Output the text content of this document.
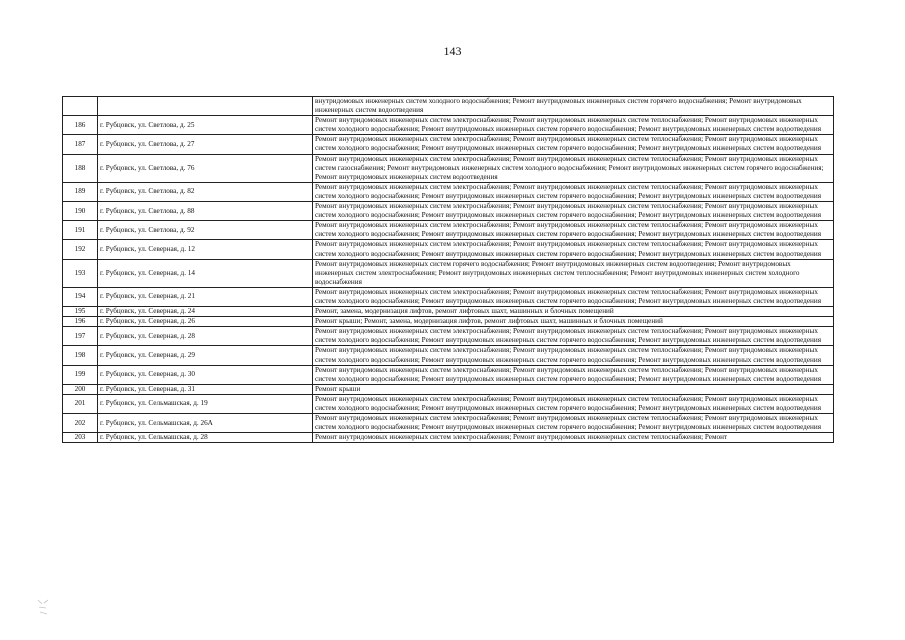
143
		внутридомовых инженерных систем холодного водоснабжения; Ремонт внутридомовых инженерных систем горячего водоснабжения; Ремонт внутридомовых инженерных систем водоотведения
186	г. Рубцовск, ул. Светлова, д. 25	Ремонт внутридомовых инженерных систем электроснабжения; Ремонт внутридомовых инженерных систем теплоснабжения; Ремонт внутридомовых инженерных систем холодного водоснабжения; Ремонт внутридомовых инженерных систем горячего водоснабжения; Ремонт внутридомовых инженерных систем водоотведения
187	г. Рубцовск, ул. Светлова, д. 27	Ремонт внутридомовых инженерных систем электроснабжения; Ремонт внутридомовых инженерных систем теплоснабжения; Ремонт внутридомовых инженерных систем холодного водоснабжения; Ремонт внутридомовых инженерных систем горячего водоснабжения; Ремонт внутридомовых инженерных систем водоотведения
188	г. Рубцовск, ул. Светлова, д. 76	Ремонт внутридомовых инженерных систем электроснабжения; Ремонт внутридомовых инженерных систем теплоснабжения; Ремонт внутридомовых инженерных систем газоснабжения; Ремонт внутридомовых инженерных систем холодного водоснабжения; Ремонт внутридомовых инженерных систем горячего водоснабжения; Ремонт внутридомовых инженерных систем водоотведения
189	г. Рубцовск, ул. Светлова, д. 82	Ремонт внутридомовых инженерных систем электроснабжения; Ремонт внутридомовых инженерных систем теплоснабжения; Ремонт внутридомовых инженерных систем холодного водоснабжения; Ремонт внутридомовых инженерных систем горячего водоснабжения; Ремонт внутридомовых инженерных систем водоотведения
190	г. Рубцовск, ул. Светлова, д. 88	Ремонт внутридомовых инженерных систем электроснабжения; Ремонт внутридомовых инженерных систем теплоснабжения; Ремонт внутридомовых инженерных систем холодного водоснабжения; Ремонт внутридомовых инженерных систем горячего водоснабжения; Ремонт внутридомовых инженерных систем водоотведения
191	г. Рубцовск, ул. Светлова, д. 92	Ремонт внутридомовых инженерных систем электроснабжения; Ремонт внутридомовых инженерных систем теплоснабжения; Ремонт внутридомовых инженерных систем холодного водоснабжения; Ремонт внутридомовых инженерных систем горячего водоснабжения; Ремонт внутридомовых инженерных систем водоотведения
192	г. Рубцовск, ул. Северная, д. 12	Ремонт внутридомовых инженерных систем электроснабжения; Ремонт внутридомовых инженерных систем теплоснабжения; Ремонт внутридомовых инженерных систем холодного водоснабжения; Ремонт внутридомовых инженерных систем горячего водоснабжения; Ремонт внутридомовых инженерных систем водоотведения
193	г. Рубцовск, ул. Северная, д. 14	Ремонт внутридомовых инженерных систем горячего водоснабжения; Ремонт внутридомовых инженерных систем водоотведения; Ремонт внутридомовых инженерных систем электроснабжения; Ремонт внутридомовых инженерных систем теплоснабжения; Ремонт внутридомовых инженерных систем холодного водоснабжения
194	г. Рубцовск, ул. Северная, д. 21	Ремонт внутридомовых инженерных систем электроснабжения; Ремонт внутридомовых инженерных систем теплоснабжения; Ремонт внутридомовых инженерных систем холодного водоснабжения; Ремонт внутридомовых инженерных систем горячего водоснабжения; Ремонт внутридомовых инженерных систем водоотведения
195	г. Рубцовск, ул. Северная, д. 24	Ремонт, замена, модернизация лифтов, ремонт лифтовых шахт, машинных и блочных помещений
196	г. Рубцовск, ул. Северная, д. 26	Ремонт крыши; Ремонт, замена, модернизация лифтов, ремонт лифтовых шахт, машинных и блочных помещений
197	г. Рубцовск, ул. Северная, д. 28	Ремонт внутридомовых инженерных систем электроснабжения; Ремонт внутридомовых инженерных систем теплоснабжения; Ремонт внутридомовых инженерных систем холодного водоснабжения; Ремонт внутридомовых инженерных систем горячего водоснабжения; Ремонт внутридомовых инженерных систем водоотведения
198	г. Рубцовск, ул. Северная, д. 29	Ремонт внутридомовых инженерных систем электроснабжения; Ремонт внутридомовых инженерных систем теплоснабжения; Ремонт внутридомовых инженерных систем холодного водоснабжения; Ремонт внутридомовых инженерных систем горячего водоснабжения; Ремонт внутридомовых инженерных систем водоотведения
199	г. Рубцовск, ул. Северная, д. 30	Ремонт внутридомовых инженерных систем электроснабжения; Ремонт внутридомовых инженерных систем теплоснабжения; Ремонт внутридомовых инженерных систем холодного водоснабжения; Ремонт внутридомовых инженерных систем горячего водоснабжения; Ремонт внутридомовых инженерных систем водоотведения
200	г. Рубцовск, ул. Северная, д. 31	Ремонт крыши
201	г. Рубцовск, ул. Сельмашская, д. 19	Ремонт внутридомовых инженерных систем электроснабжения; Ремонт внутридомовых инженерных систем теплоснабжения; Ремонт внутридомовых инженерных систем холодного водоснабжения; Ремонт внутридомовых инженерных систем горячего водоснабжения; Ремонт внутридомовых инженерных систем водоотведения
202	г. Рубцовск, ул. Сельмашская, д. 26А	Ремонт внутридомовых инженерных систем электроснабжения; Ремонт внутридомовых инженерных систем теплоснабжения; Ремонт внутридомовых инженерных систем холодного водоснабжения; Ремонт внутридомовых инженерных систем горячего водоснабжения; Ремонт внутридомовых инженерных систем водоотведения
203	г. Рубцовск, ул. Сельмашская, д. 28	Ремонт внутридомовых инженерных систем электроснабжения; Ремонт внутридомовых инженерных систем теплоснабжения; Ремонт
